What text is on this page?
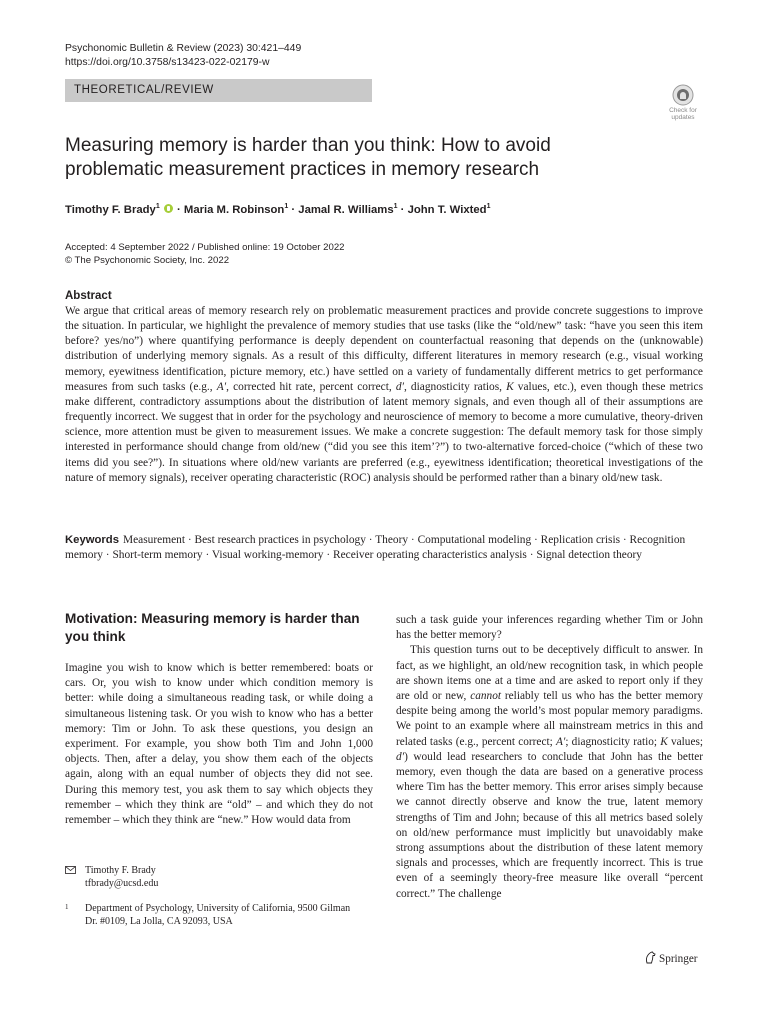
Psychonomic Bulletin & Review (2023) 30:421–449
https://doi.org/10.3758/s13423-022-02179-w
THEORETICAL/REVIEW
Check for
updates
Measuring memory is harder than you think: How to avoid
problematic measurement practices in memory research
Timothy F. Brady$^1$  · Maria M. Robinson$^1$ · Jamal R. Williams$^1$ · John T. Wixted$^1$
Accepted: 4 September 2022 / Published online: 19 October 2022
© The Psychonomic Society, Inc. 2022
Abstract

We argue that critical areas of memory research rely on problematic measurement practices and provide concrete suggestions to improve the situation. In particular, we highlight the prevalence of memory studies that use tasks (like the “old/new” task: “have you seen this item before? yes/no”) where quantifying performance is deeply dependent on counterfactual reasoning that depends on the (unknowable) distribution of underlying memory signals. As a result of this difficulty, different literatures in memory research (e.g., visual working memory, eyewitness identification, picture memory, etc.) have settled on a variety of fundamentally different metrics to get performance measures from such tasks (e.g., A′, corrected hit rate, percent correct, d′, diagnosticity ratios, K values, etc.), even though these metrics make different, contradictory assumptions about the distribution of latent memory signals, and even though all of their assumptions are frequently incorrect. We suggest that in order for the psychology and neuroscience of memory to become a more cumulative, theory-driven science, more attention must be given to measurement issues. We make a concrete suggestion: The default memory task for those simply interested in performance should change from old/new (“did you see this item’?”) to two-alternative forced-choice (“which of these two items did you see?”). In situations where old/new variants are preferred (e.g., eyewitness identification; theoretical investigations of the nature of memory signals), receiver operating characteristic (ROC) analysis should be performed rather than a binary old/new task.

Keywords Measurement · Best research practices in psychology · Theory · Computational modeling · Replication crisis · Recognition memory · Short-term memory · Visual working-memory · Receiver operating characteristics analysis · Signal detection theory
Motivation: Measuring memory is harder than you think

Imagine you wish to know which is better remembered: boats or cars. Or, you wish to know under which condition memory is better: while doing a simultaneous reading task, or while doing a simultaneous listening task. Or you wish to know who has a better memory: Tim or John. To ask these questions, you design an experiment. For example, you show both Tim and John 1,000 objects. Then, after a delay, you show them each of the objects again, along with an equal number of objects they did not see. During this memory test, you ask them to say which objects they remember – which they think are “old” – and which they do not remember – which they think are “new.” How would data from

such a task guide your inferences regarding whether Tim or John has the better memory?

This question turns out to be deceptively difficult to answer. In fact, as we highlight, an old/new recognition task, in which people are shown items one at a time and are asked to report only if they are old or new, cannot reliably tell us who has the better memory despite being among the world’s most popular memory paradigms. We point to an example where all mainstream metrics in this and related tasks (e.g., percent correct; A′; diagnosticity ratio; K values; d′) would lead researchers to conclude that John has the better memory, even though the data are based on a generative process where Tim has the better memory. This error arises simply because we cannot directly observe and know the true, latent memory strengths of Tim and John; because of this all metrics based solely on old/new performance must implicitly but unavoidably make strong assumptions about the distribution of these latent memory signals and processes, which are frequently incorrect. This is true even of a seemingly theory-free measure like overall “percent correct.” The challenge

Timothy F. Brady
tfbrady@ucsd.edu
1 Department of Psychology, University of California, 9500 Gilman Dr. #0109, La Jolla, CA 92093, USA
Springer
